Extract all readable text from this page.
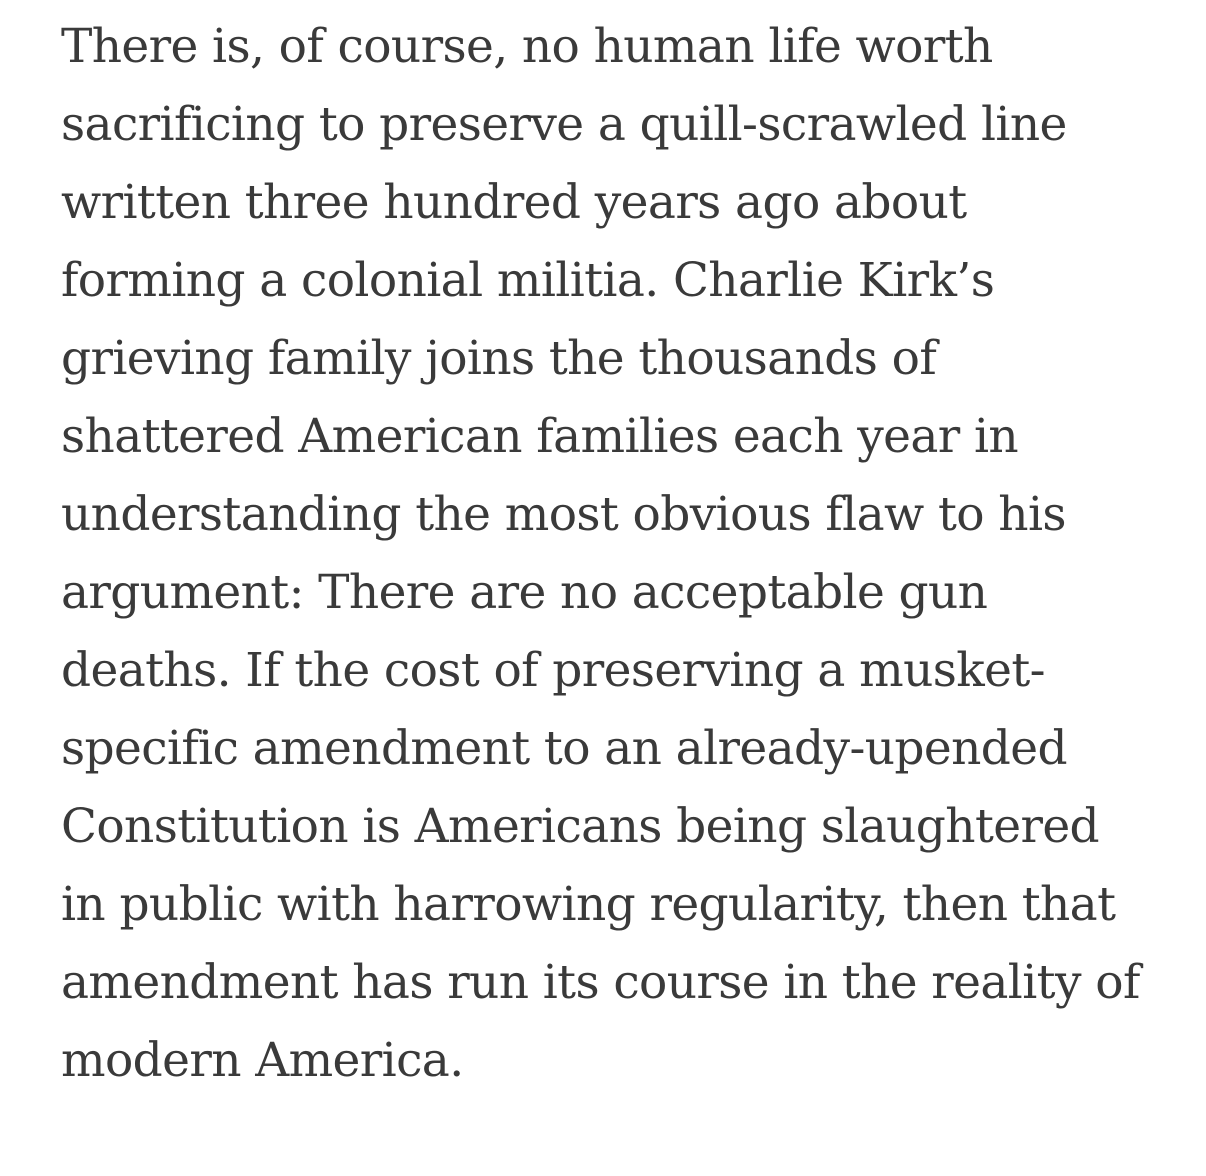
There is, of course, no human life worth
sacrificing to preserve a quill-scrawled line
written three hundred years ago about
forming a colonial militia. Charlie Kirk’s
grieving family joins the thousands of
shattered American families each year in
understanding the most obvious flaw to his
argument: There are no acceptable gun
deaths. If the cost of preserving a musket-
specific amendment to an already-upended
Constitution is Americans being slaughtered
in public with harrowing regularity, then that
amendment has run its course in the reality of
modern America.
